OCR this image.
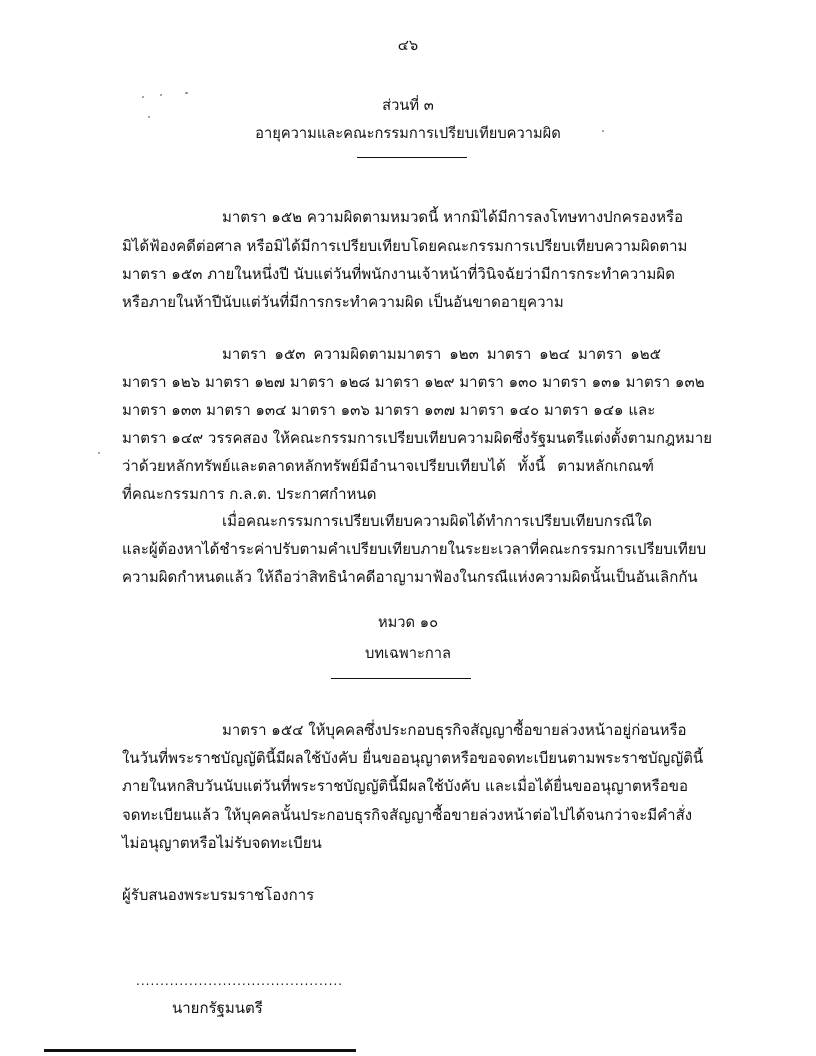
๔๖
ส่วนที่ ๓
อายุความและคณะกรรมการเปรียบเทียบความผิด
มาตรา ๑๕๒ ความผิดตามหมวดนี้ หากมิได้มีการลงโทษทางปกครองหรือ
มิได้ฟ้องคดีต่อศาล หรือมิได้มีการเปรียบเทียบโดยคณะกรรมการเปรียบเทียบความผิดตาม
มาตรา ๑๕๓ ภายในหนึ่งปี นับแต่วันที่พนักงานเจ้าหน้าที่วินิจฉัยว่ามีการกระทำความผิด
หรือภายในห้าปีนับแต่วันที่มีการกระทำความผิด เป็นอันขาดอายุความ
มาตรา ๑๕๓ ความผิดตามมาตรา ๑๒๓ มาตรา ๑๒๔ มาตรา ๑๒๕
มาตรา ๑๒๖ มาตรา ๑๒๗ มาตรา ๑๒๘ มาตรา ๑๒๙ มาตรา ๑๓๐ มาตรา ๑๓๑ มาตรา ๑๓๒
มาตรา ๑๓๓ มาตรา ๑๓๔ มาตรา ๑๓๖ มาตรา ๑๓๗ มาตรา ๑๔๐ มาตรา ๑๔๑ และ
มาตรา ๑๔๙ วรรคสอง ให้คณะกรรมการเปรียบเทียบความผิดซึ่งรัฐมนตรีแต่งตั้งตามกฎหมาย
ว่าด้วยหลักทรัพย์และตลาดหลักทรัพย์มีอำนาจเปรียบเทียบได้ ทั้งนี้ ตามหลักเกณฑ์
ที่คณะกรรมการ ก.ล.ต. ประกาศกำหนด
เมื่อคณะกรรมการเปรียบเทียบความผิดได้ทำการเปรียบเทียบกรณีใด
และผู้ต้องหาได้ชำระค่าปรับตามคำเปรียบเทียบภายในระยะเวลาที่คณะกรรมการเปรียบเทียบ
ความผิดกำหนดแล้ว ให้ถือว่าสิทธินำคดีอาญามาฟ้องในกรณีแห่งความผิดนั้นเป็นอันเลิกกัน
หมวด ๑๐
บทเฉพาะกาล
มาตรา ๑๕๔ ให้บุคคลซึ่งประกอบธุรกิจสัญญาซื้อขายล่วงหน้าอยู่ก่อนหรือ
ในวันที่พระราชบัญญัตินี้มีผลใช้บังคับ ยื่นขออนุญาตหรือขอจดทะเบียนตามพระราชบัญญัตินี้
ภายในหกสิบวันนับแต่วันที่พระราชบัญญัตินี้มีผลใช้บังคับ และเมื่อได้ยื่นขออนุญาตหรือขอ
จดทะเบียนแล้ว ให้บุคคลนั้นประกอบธุรกิจสัญญาซื้อขายล่วงหน้าต่อไปได้จนกว่าจะมีคำสั่ง
ไม่อนุญาตหรือไม่รับจดทะเบียน
ผู้รับสนองพระบรมราชโองการ
...........................................
นายกรัฐมนตรี
